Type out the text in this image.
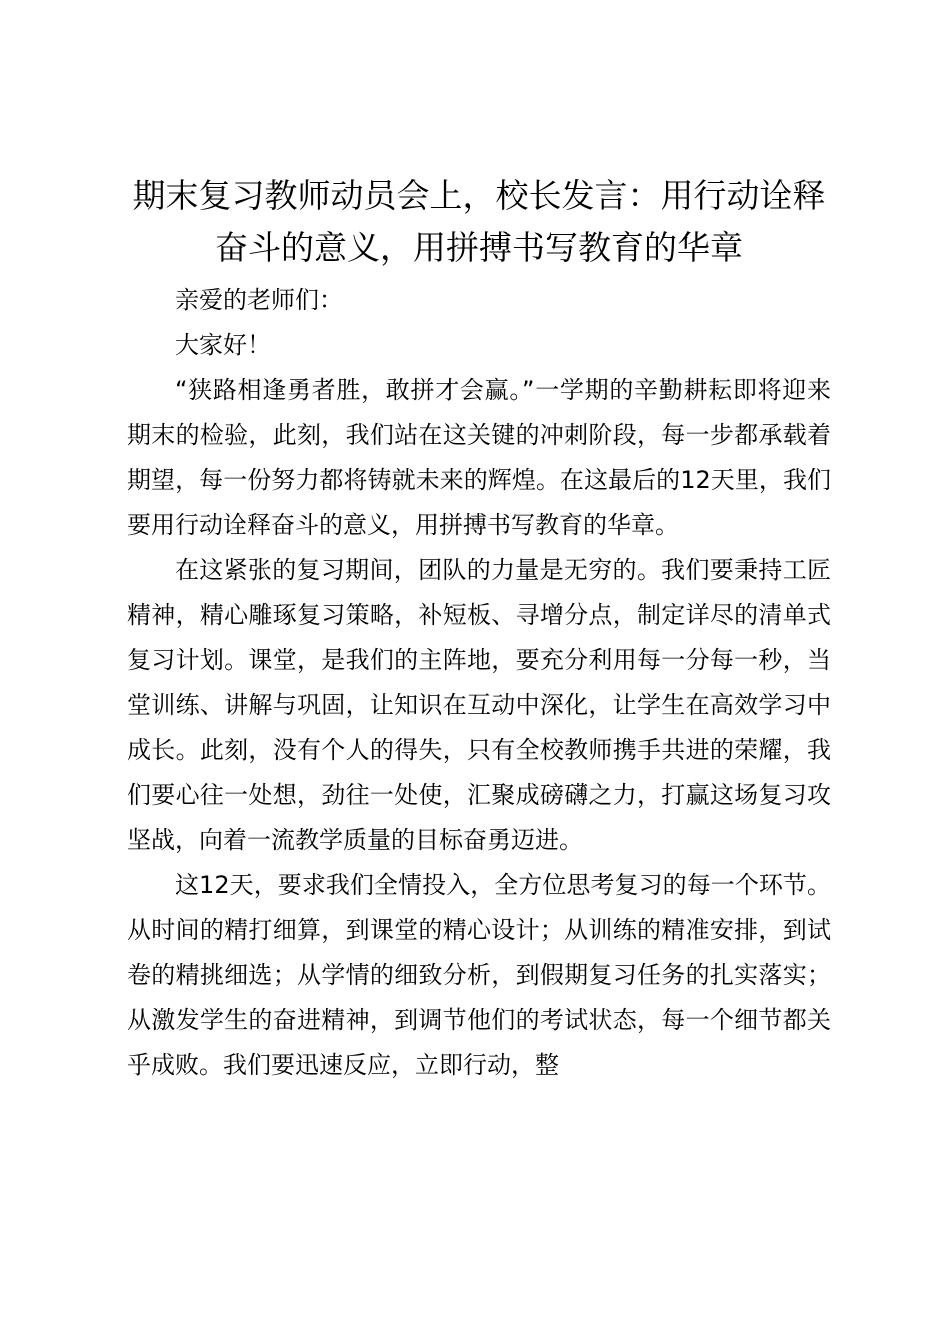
期末复习教师动员会上，校长发言：用行动诠释奋斗的意义，用拼搏书写教育的华章

亲爱的老师们：

大家好！

“狭路相逢勇者胜，敢拼才会赢。”一学期的辛勤耕耘即将迎来期末的检验，此刻，我们站在这关键的冲刺阶段，每一步都承载着期望，每一份努力都将铸就未来的辉煌。在这最后的12天里，我们要用行动诠释奋斗的意义，用拼搏书写教育的华章。

在这紧张的复习期间，团队的力量是无穷的。我们要秉持工匠精神，精心雕琢复习策略，补短板、寻增分点，制定详尽的清单式复习计划。课堂，是我们的主阵地，要充分利用每一分每一秒，当堂训练、讲解与巩固，让知识在互动中深化，让学生在高效学习中成长。此刻，没有个人的得失，只有全校教师携手共进的荣耀，我们要心往一处想，劲往一处使，汇聚成磅礴之力，打赢这场复习攻坚战，向着一流教学质量的目标奋勇迈进。

这12天，要求我们全情投入，全方位思考复习的每一个环节。从时间的精打细算，到课堂的精心设计；从训练的精准安排，到试卷的精挑细选；从学情的细致分析，到假期复习任务的扎实落实；从激发学生的奋进精神，到调节他们的考试状态，每一个细节都关乎成败。我们要迅速反应，立即行动，整
